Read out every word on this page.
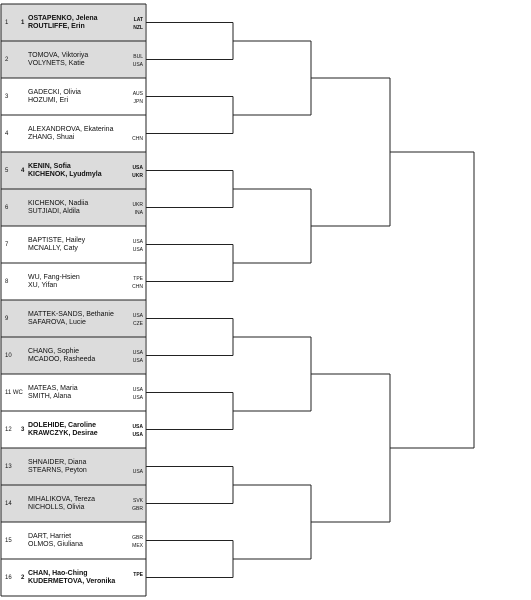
1 1
OSTAPENKO, Jelena
ROUTLIFFE, Erin
LAT
NZL
2
TOMOVA, Viktoriya
VOLYNETS, Katie
BUL
USA
3
GADECKI, Olivia
HOZUMI, Eri
AUS
JPN
4
ALEXANDROVA, Ekaterina
ZHANG, Shuai	CHN
5 4
KENIN, Sofia
KICHENOK, Lyudmyla
USA
UKR
6
KICHENOK, Nadiia
SUTJIADI, Aldila
UKR
INA
7
BAPTISTE, Hailey
MCNALLY, Caty
USA
USA
8
WU, Fang-Hsien
XU, Yifan
TPE
CHN
9
MATTEK-SANDS, Bethanie
SAFAROVA, Lucie
USA
CZE
10
CHANG, Sophie
MCADOO, Rasheeda
USA
USA
11 WC
MATEAS, Maria
SMITH, Alana
USA
USA
12 3
DOLEHIDE, Caroline
KRAWCZYK, Desirae
USA
USA
13
SHNAIDER, Diana
STEARNS, Peyton	USA
14
MIHALIKOVA, Tereza
NICHOLLS, Olivia
SVK
GBR
15
DART, Harriet
OLMOS, Giuliana
GBR
MEX
16 2
CHAN, Hao-Ching
KUDERMETOVA, Veronika
TPE
